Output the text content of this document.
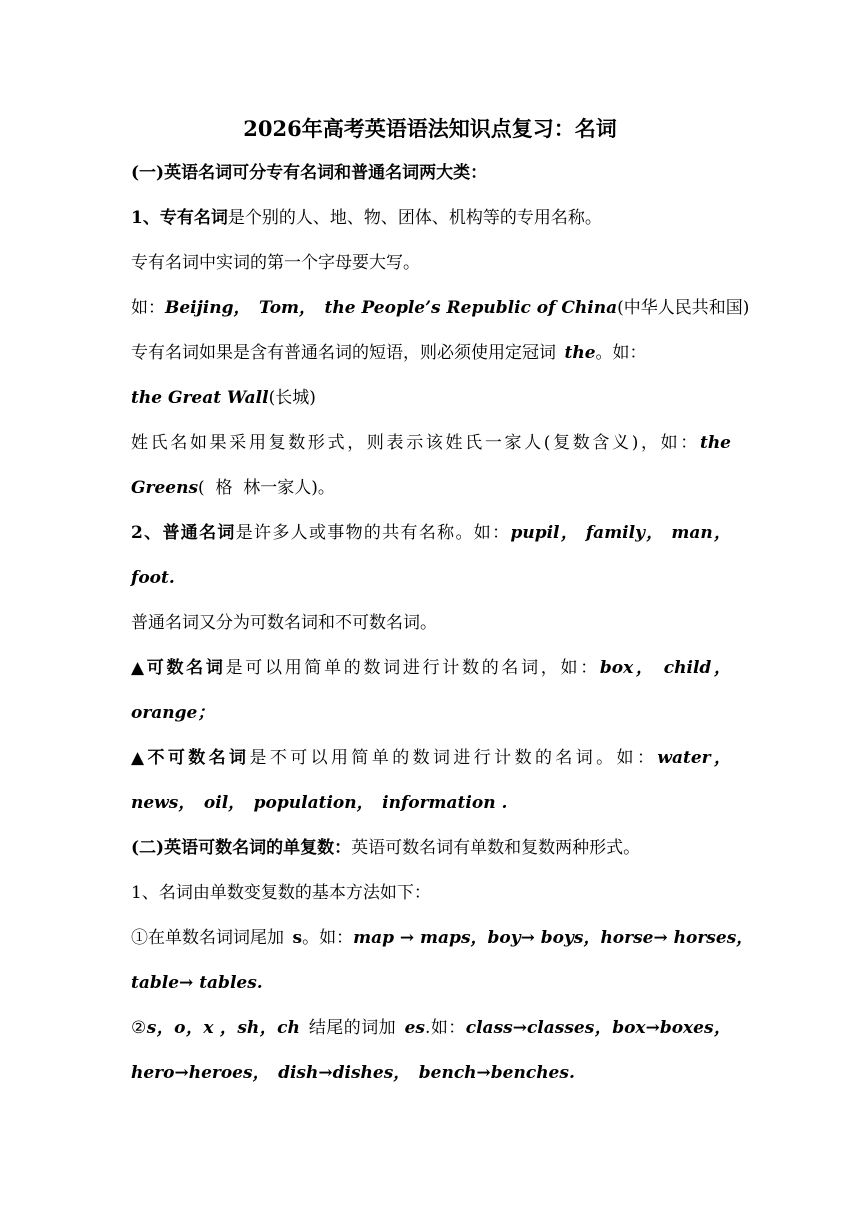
2026年高考英语语法知识点复习：名词
(一)英语名词可分专有名词和普通名词两大类：
1、专有名词是个别的人、地、物、团体、机构等的专用名称。
专有名词中实词的第一个字母要大写。
如：Beijing， Tom， the People’s Republic of China(中华人民共和国)
专有名词如果是含有普通名词的短语，则必须使用定冠词 the。如：
the Great Wall(长城)
姓氏名如果采用复数形式，则表示该姓氏一家人(复数含义)，如：the
Greens(  格  林一家人)。
2、普通名词是许多人或事物的共有名称。如：pupil， family， man，
foot.
普通名词又分为可数名词和不可数名词。
▲可数名词是可以用简单的数词进行计数的名词，如：box， child，
orange；
▲不可数名词是不可以用简单的数词进行计数的名词。如：water，
news， oil， population， information .
(二)英语可数名词的单复数：英语可数名词有单数和复数两种形式。
1、名词由单数变复数的基本方法如下：
①在单数名词词尾加 s。如：map → maps，boy→ boys，horse→ horses，
table→ tables.
②s，o，x ，sh，ch 结尾的词加 es.如：class→classes，box→boxes，
hero→heroes， dish→dishes， bench→benches.
